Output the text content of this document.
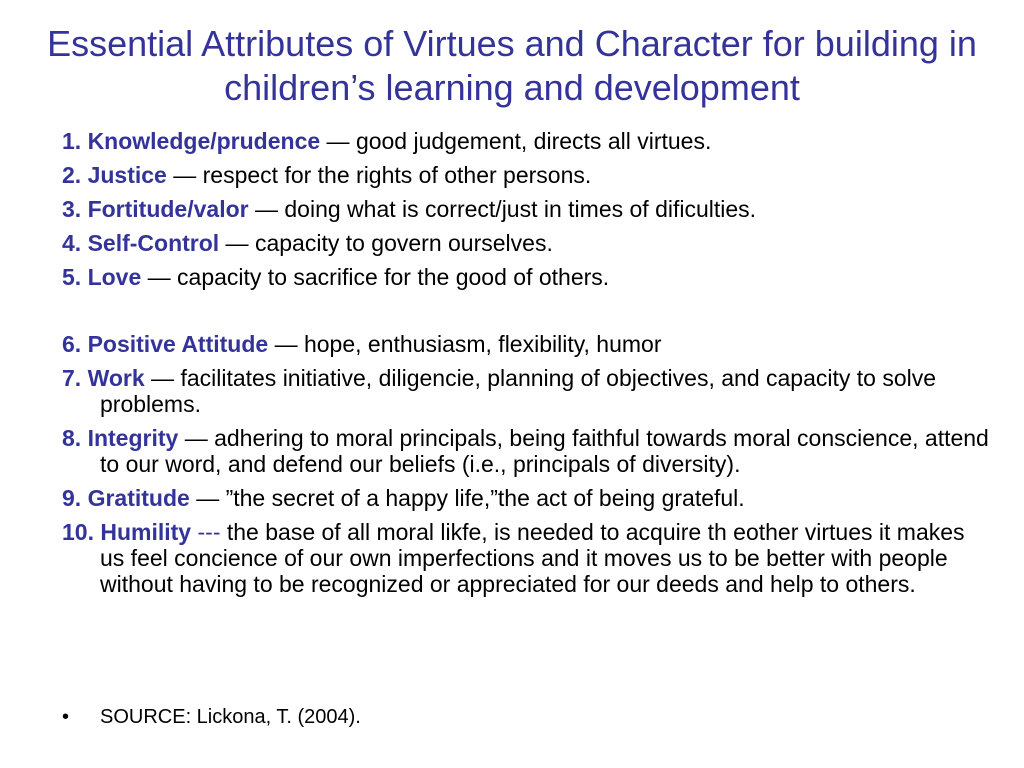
Essential Attributes of Virtues and Character for building in children’s learning and development
1. Knowledge/prudence — good judgement, directs all virtues.
2. Justice — respect for the rights of other persons.
3. Fortitude/valor — doing what is correct/just in times of dificulties.
4. Self-Control — capacity to govern ourselves.
5. Love — capacity to sacrifice for the good of others.
6. Positive Attitude — hope, enthusiasm, flexibility, humor
7. Work — facilitates initiative, diligencie, planning of objectives, and capacity to solve problems.
8. Integrity — adhering to moral principals, being faithful towards moral conscience, attend to our word, and defend our beliefs (i.e., principals of diversity).
9. Gratitude — ”the secret of a happy life,”the act of being grateful.
10. Humility --- the base of all moral likfe, is needed to acquire th eother virtues it makes us feel concience of our own imperfections and it moves us to be better with people without having to be recognized or appreciated for our deeds and help to others.
• SOURCE: Lickona, T. (2004).
